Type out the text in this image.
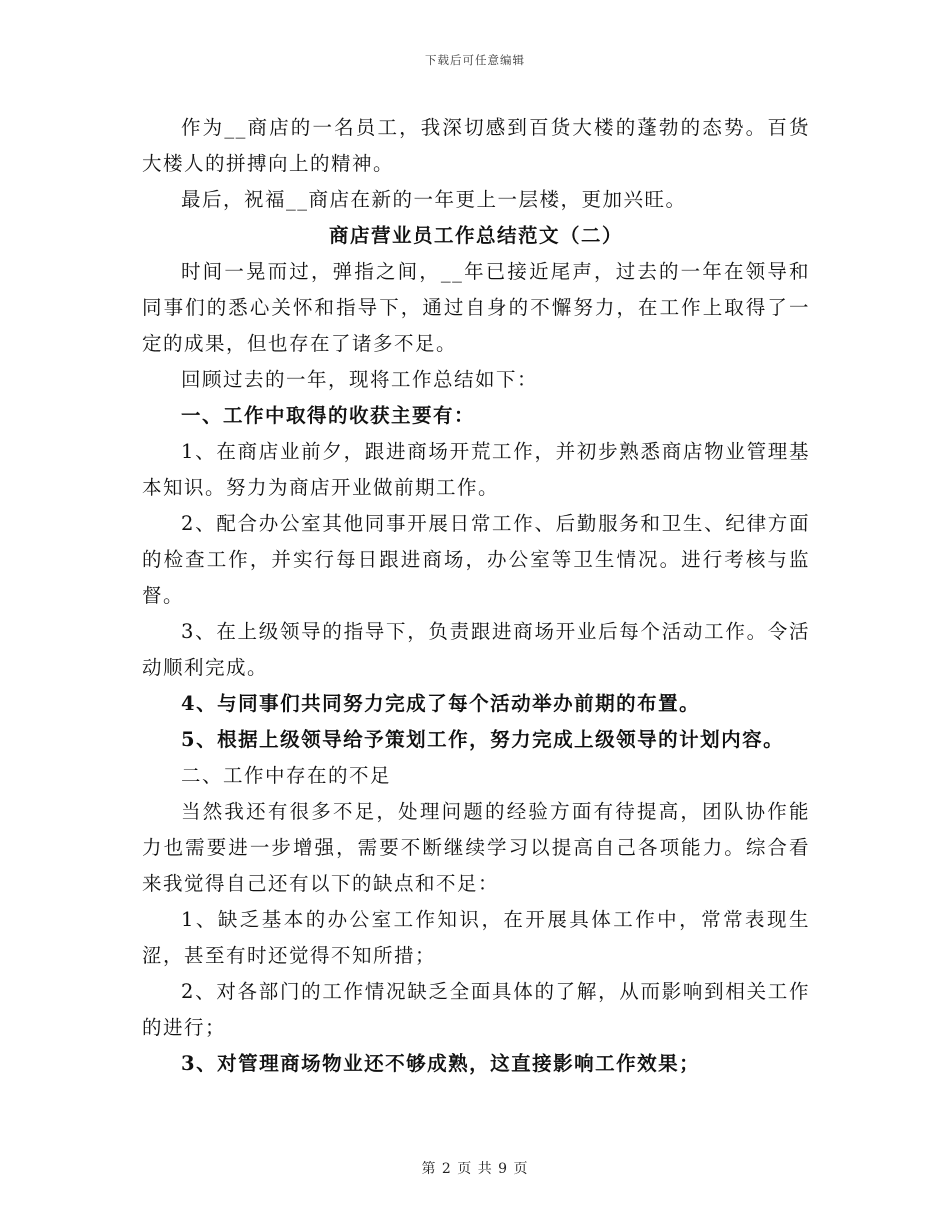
下载后可任意编辑

作为__商店的一名员工，我深切感到百货大楼的蓬勃的态势。百货大楼人的拼搏向上的精神。

最后，祝福__商店在新的一年更上一层楼，更加兴旺。

商店营业员工作总结范文（二）

时间一晃而过，弹指之间，__年已接近尾声，过去的一年在领导和同事们的悉心关怀和指导下，通过自身的不懈努力，在工作上取得了一定的成果，但也存在了诸多不足。

回顾过去的一年，现将工作总结如下：

一、工作中取得的收获主要有：

1、在商店业前夕，跟进商场开荒工作，并初步熟悉商店物业管理基本知识。努力为商店开业做前期工作。

2、配合办公室其他同事开展日常工作、后勤服务和卫生、纪律方面的检查工作，并实行每日跟进商场，办公室等卫生情况。进行考核与监督。

3、在上级领导的指导下，负责跟进商场开业后每个活动工作。令活动顺利完成。

4、与同事们共同努力完成了每个活动举办前期的布置。

5、根据上级领导给予策划工作，努力完成上级领导的计划内容。

二、工作中存在的不足

当然我还有很多不足，处理问题的经验方面有待提高，团队协作能力也需要进一步增强，需要不断继续学习以提高自己各项能力。综合看来我觉得自己还有以下的缺点和不足：

1、缺乏基本的办公室工作知识，在开展具体工作中，常常表现生涩，甚至有时还觉得不知所措；

2、对各部门的工作情况缺乏全面具体的了解，从而影响到相关工作的进行；

3、对管理商场物业还不够成熟，这直接影响工作效果；

第 2 页 共 9 页
